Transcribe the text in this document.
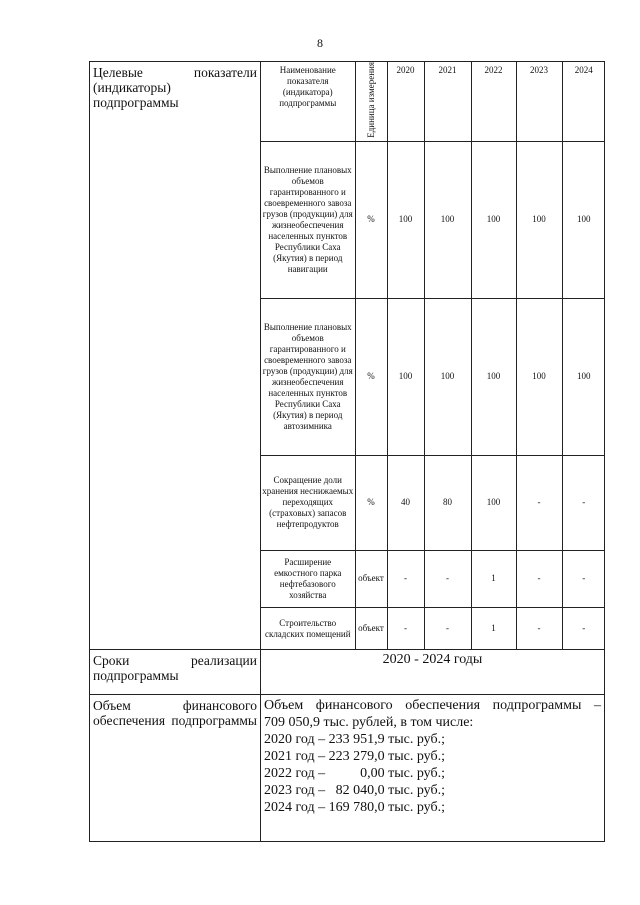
8
Целевые показатели (индикаторы) подпрограммы

Наименование показателя (индикатора) подпрограммы	Единица измерения	2020	2021	2022	2023	2024
Выполнение плановых объемов гарантированного и своевременного завоза грузов (продукции) для жизнеобеспечения населенных пунктов Республики Саха (Якутия) в период навигации	%	100	100	100	100	100
Выполнение плановых объемов гарантированного и своевременного завоза грузов (продукции) для жизнеобеспечения населенных пунктов Республики Саха (Якутия) в период автозимника	%	100	100	100	100	100
Сокращение доли хранения неснижаемых переходящих (страховых) запасов нефтепродуктов	%	40	80	100	-	-
Расширение емкостного парка нефтебазового хозяйства	объект	-	-	1	-	-
Строительство складских помещений	объект	-	-	1	-	-

Сроки реализации подпрограммы
	2020 - 2024 годы

Объем финансового обеспечения подпрограммы

Объем финансового обеспечения подпрограммы –
709 050,9 тыс. рублей, в том числе:
2020 год – 233 951,9 тыс. руб.;
2021 год – 223 279,0 тыс. руб.;
2022 год –          0,00 тыс. руб.;
2023 год –   82 040,0 тыс. руб.;
2024 год – 169 780,0 тыс. руб.;
